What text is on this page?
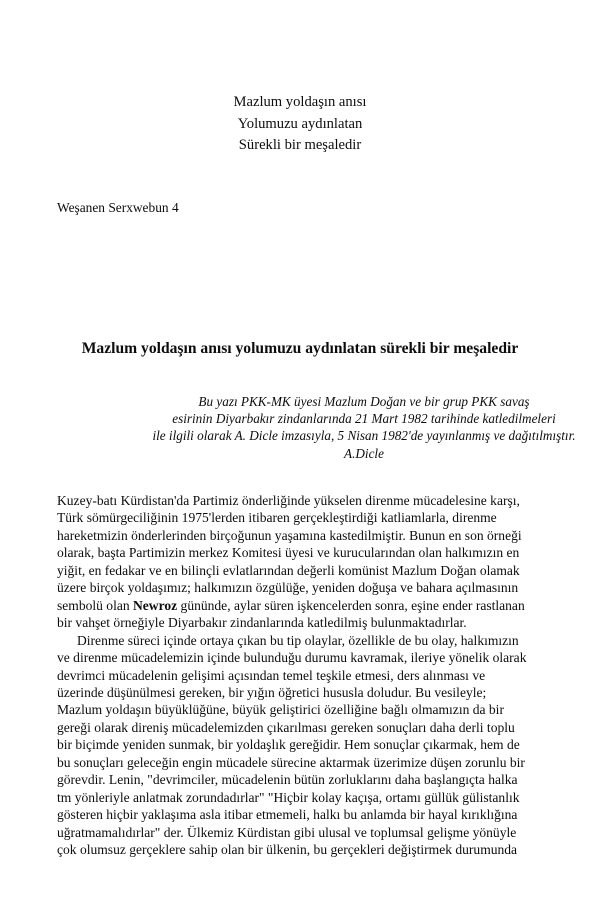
Mazlum yoldaşın anısı
Yolumuzu aydınlatan
Sürekli bir meşaledir
Weşanen Serxwebun 4
Mazlum yoldaşın anısı yolumuzu aydınlatan sürekli bir meşaledir
Bu yazı PKK-MK üyesi Mazlum Doğan ve bir grup PKK savaş
esirinin Diyarbakır zindanlarında 21 Mart 1982 tarihinde katledilmeleri
ile ilgili olarak A. Dicle imzasıyla, 5 Nisan 1982'de yayınlanmış ve dağıtılmıştır.
A.Dicle

Kuzey-batı Kürdistan'da Partimiz önderliğinde yükselen direnme mücadelesine karşı,
Türk sömürgeciliğinin 1975'lerden itibaren gerçekleştirdiği katliamlarla, direnme
hareketmizin önderlerinden birçoğunun yaşamına kastedilmiştir. Bunun en son örneği
olarak, başta Partimizin merkez Komitesi üyesi ve kurucularından olan halkımızın en
yiğit, en fedakar ve en bilinçli evlatlarından değerli komünist Mazlum Doğan olamak
üzere birçok yoldaşımız; halkımızın özgülüğe, yeniden doğuşa ve bahara açılmasının
sembolü olan Newroz gününde, aylar süren işkencelerden sonra, eşine ender rastlanan
bir vahşet örneğiyle Diyarbakır zindanlarında katledilmiş bulunmaktadırlar.

Direnme süreci içinde ortaya çıkan bu tip olaylar, özellikle de bu olay, halkımızın
ve direnme mücadelemizin içinde bulunduğu durumu kavramak, ileriye yönelik olarak
devrimci mücadelenin gelişimi açısından temel teşkile etmesi, ders alınması ve
üzerinde düşünülmesi gereken, bir yığın öğretici hususla doludur. Bu vesileyle;
Mazlum yoldaşın büyüklüğüne, büyük geliştirici özelliğine bağlı olmamızın da bir
gereği olarak direniş mücadelemizden çıkarılması gereken sonuçları daha derli toplu
bir biçimde yeniden sunmak, bir yoldaşlık gereğidir. Hem sonuçlar çıkarmak, hem de
bu sonuçları geleceğin engin mücadele sürecine aktarmak üzerimize düşen zorunlu bir
görevdir. Lenin, "devrimciler, mücadelenin bütün zorluklarını daha başlangıçta halka
tm yönleriyle anlatmak zorundadırlar" "Hiçbir kolay kaçışa, ortamı güllük gülistanlık
gösteren hiçbir yaklaşıma asla itibar etmemeli, halkı bu anlamda bir hayal kırıklığına
uğratmamalıdırlar" der. Ülkemiz Kürdistan gibi ulusal ve toplumsal gelişme yönüyle
çok olumsuz gerçeklere sahip olan bir ülkenin, bu gerçekleri değiştirmek durumunda
